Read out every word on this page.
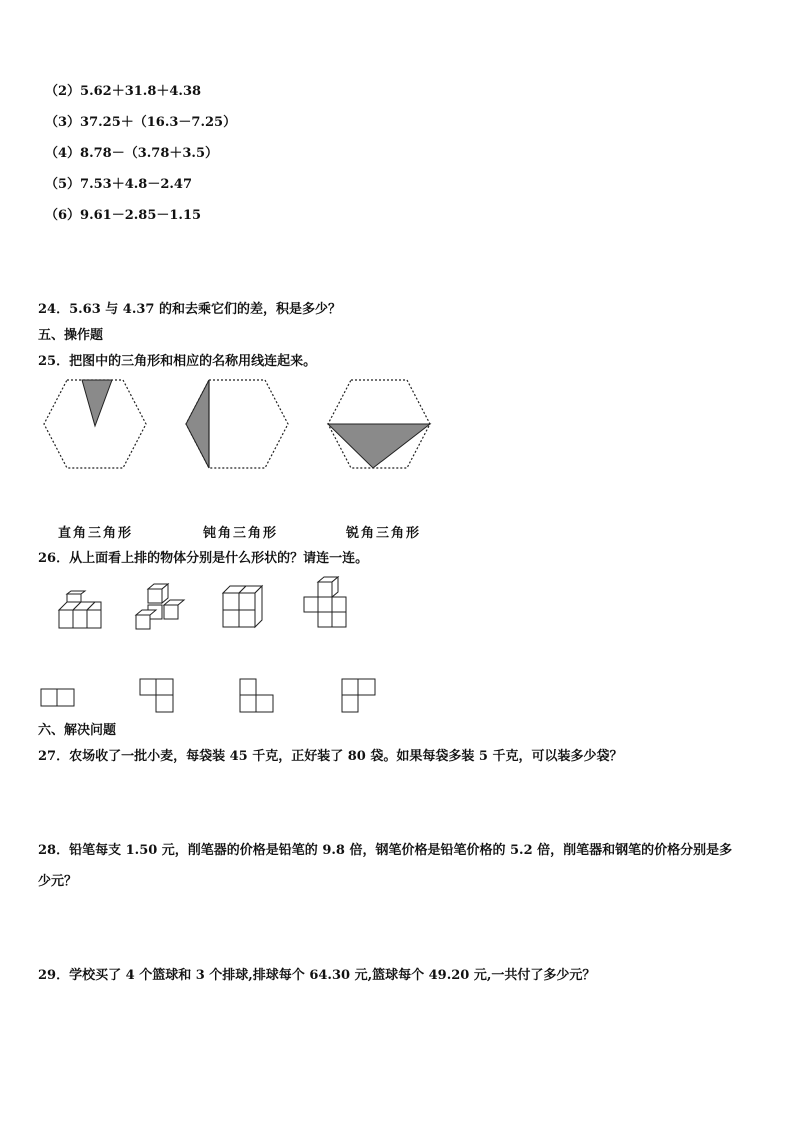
（2）5.62＋31.8＋4.38
（3）37.25＋（16.3－7.25）
（4）8.78－（3.78＋3.5）
（5）7.53＋4.8－2.47
（6）9.61－2.85－1.15
24．5.63 与 4.37 的和去乘它们的差，积是多少？
五、操作题
25．把图中的三角形和相应的名称用线连起来。
直角三角形	钝角三角形	锐角三角形
26．从上面看上排的物体分别是什么形状的？请连一连。
六、解决问题
27．农场收了一批小麦，每袋装 45 千克，正好装了 80 袋。如果每袋多装 5 千克，可以装多少袋？
28．铅笔每支 1.50 元，削笔器的价格是铅笔的 9.8 倍，钢笔价格是铅笔价格的 5.2 倍，削笔器和钢笔的价格分别是多
少元？
29．学校买了 4 个篮球和 3 个排球,排球每个 64.30 元,篮球每个 49.20 元,一共付了多少元？
